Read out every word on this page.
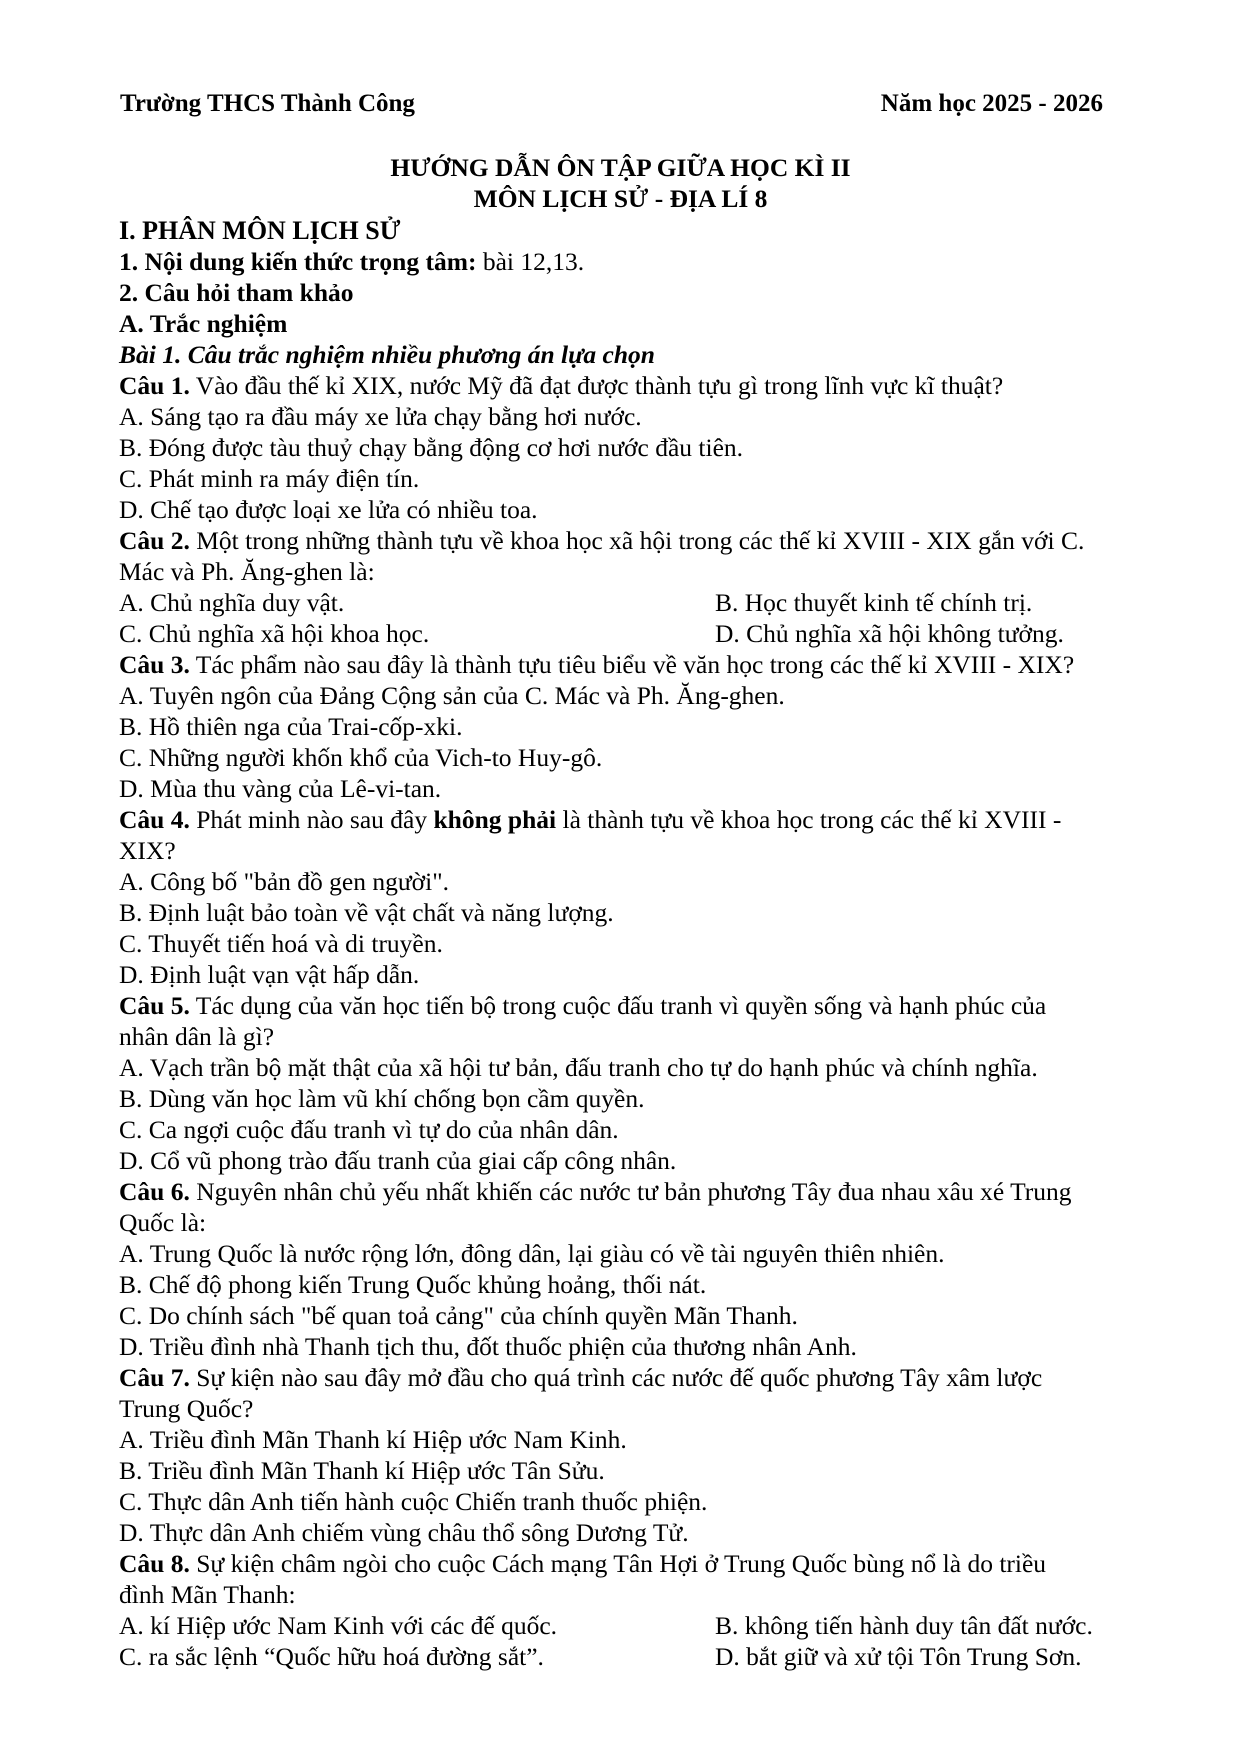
Trường THCS Thành Công	Năm học 2025 - 2026
HƯỚNG DẪN ÔN TẬP GIỮA HỌC KÌ II
MÔN LỊCH SỬ - ĐỊA LÍ 8
I. PHÂN MÔN LỊCH SỬ
1. Nội dung kiến thức trọng tâm: bài 12,13.
2. Câu hỏi tham khảo
A. Trắc nghiệm
Bài 1. Câu trắc nghiệm nhiều phương án lựa chọn
Câu 1. Vào đầu thế kỉ XIX, nước Mỹ đã đạt được thành tựu gì trong lĩnh vực kĩ thuật?
A. Sáng tạo ra đầu máy xe lửa chạy bằng hơi nước.
B. Đóng được tàu thuỷ chạy bằng động cơ hơi nước đầu tiên.
C. Phát minh ra máy điện tín.
D. Chế tạo được loại xe lửa có nhiều toa.
Câu 2. Một trong những thành tựu về khoa học xã hội trong các thế kỉ XVIII - XIX gắn với C.
Mác và Ph. Ăng-ghen là:
A. Chủ nghĩa duy vật.	B. Học thuyết kinh tế chính trị.
C. Chủ nghĩa xã hội khoa học.	D. Chủ nghĩa xã hội không tưởng.
Câu 3. Tác phẩm nào sau đây là thành tựu tiêu biểu về văn học trong các thế kỉ XVIII - XIX?
A. Tuyên ngôn của Đảng Cộng sản của C. Mác và Ph. Ăng-ghen.
B. Hồ thiên nga của Trai-cốp-xki.
C. Những người khốn khổ của Vich-to Huy-gô.
D. Mùa thu vàng của Lê-vi-tan.
Câu 4. Phát minh nào sau đây không phải là thành tựu về khoa học trong các thế kỉ XVIII -
XIX?
A. Công bố "bản đồ gen người".
B. Định luật bảo toàn về vật chất và năng lượng.
C. Thuyết tiến hoá và di truyền.
D. Định luật vạn vật hấp dẫn.
Câu 5. Tác dụng của văn học tiến bộ trong cuộc đấu tranh vì quyền sống và hạnh phúc của
nhân dân là gì?
A. Vạch trần bộ mặt thật của xã hội tư bản, đấu tranh cho tự do hạnh phúc và chính nghĩa.
B. Dùng văn học làm vũ khí chống bọn cầm quyền.
C. Ca ngợi cuộc đấu tranh vì tự do của nhân dân.
D. Cổ vũ phong trào đấu tranh của giai cấp công nhân.
Câu 6. Nguyên nhân chủ yếu nhất khiến các nước tư bản phương Tây đua nhau xâu xé Trung
Quốc là:
A. Trung Quốc là nước rộng lớn, đông dân, lại giàu có về tài nguyên thiên nhiên.
B. Chế độ phong kiến Trung Quốc khủng hoảng, thối nát.
C. Do chính sách "bế quan toả cảng" của chính quyền Mãn Thanh.
D. Triều đình nhà Thanh tịch thu, đốt thuốc phiện của thương nhân Anh.
Câu 7. Sự kiện nào sau đây mở đầu cho quá trình các nước đế quốc phương Tây xâm lược
Trung Quốc?
A. Triều đình Mãn Thanh kí Hiệp ước Nam Kinh.
B. Triều đình Mãn Thanh kí Hiệp ước Tân Sửu.
C. Thực dân Anh tiến hành cuộc Chiến tranh thuốc phiện.
D. Thực dân Anh chiếm vùng châu thổ sông Dương Tử.
Câu 8. Sự kiện châm ngòi cho cuộc Cách mạng Tân Hợi ở Trung Quốc bùng nổ là do triều
đình Mãn Thanh:
A. kí Hiệp ước Nam Kinh với các đế quốc.	B. không tiến hành duy tân đất nước.
C. ra sắc lệnh “Quốc hữu hoá đường sắt”.	D. bắt giữ và xử tội Tôn Trung Sơn.
